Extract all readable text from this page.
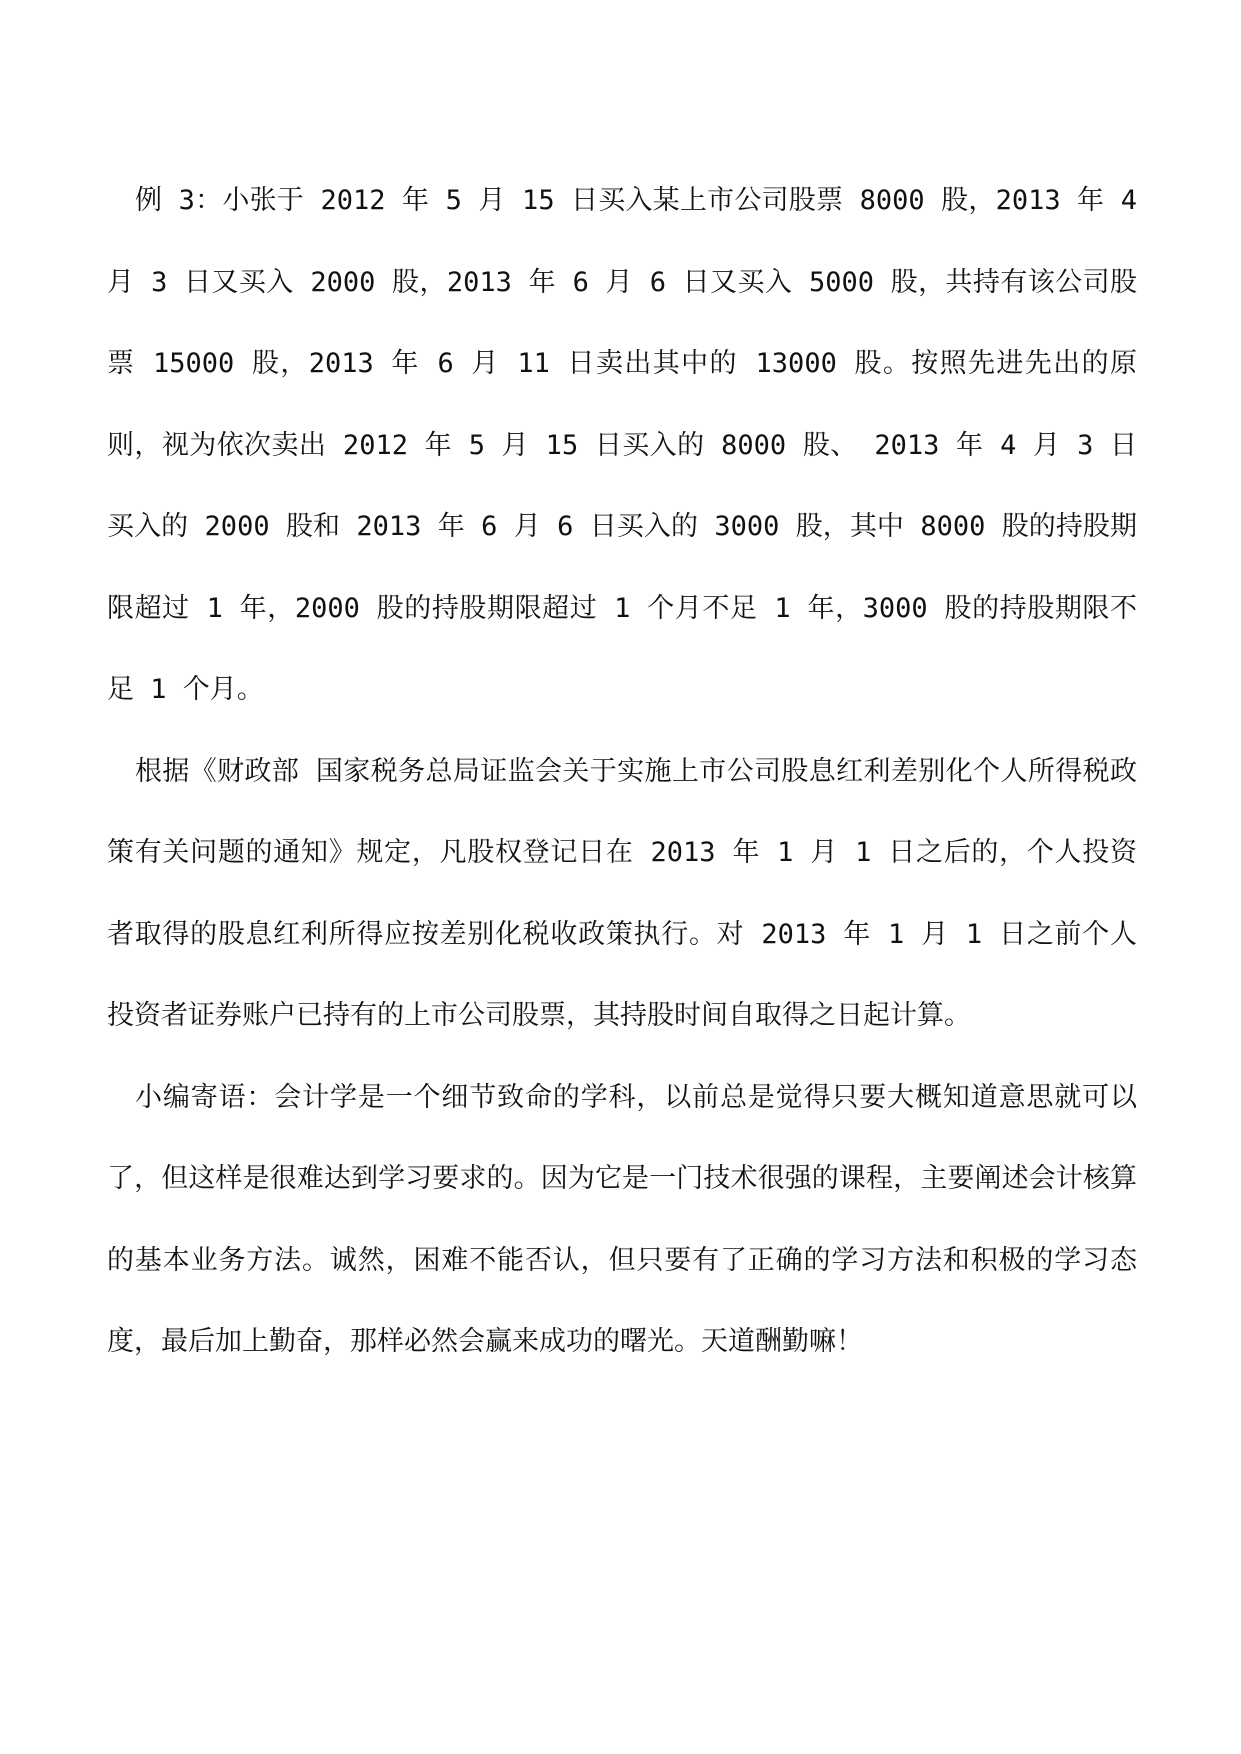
例 3：小张于 2012 年 5 月 15 日买入某上市公司股票 8000 股，2013 年 4 月 3 日又买入 2000 股，2013 年 6 月 6 日又买入 5000 股，共持有该公司股票 15000 股，2013 年 6 月 11 日卖出其中的 13000 股。按照先进先出的原则，视为依次卖出 2012 年 5 月 15 日买入的 8000 股、 2013 年 4 月 3 日买入的 2000 股和 2013 年 6 月 6 日买入的 3000 股，其中 8000 股的持股期限超过 1 年，2000 股的持股期限超过 1 个月不足 1 年，3000 股的持股期限不足 1 个月。

根据《财政部 国家税务总局证监会关于实施上市公司股息红利差别化个人所得税政策有关问题的通知》规定，凡股权登记日在 2013 年 1 月 1 日之后的，个人投资者取得的股息红利所得应按差别化税收政策执行。对 2013 年 1 月 1 日之前个人投资者证券账户已持有的上市公司股票，其持股时间自取得之日起计算。

小编寄语：会计学是一个细节致命的学科，以前总是觉得只要大概知道意思就可以了，但这样是很难达到学习要求的。因为它是一门技术很强的课程，主要阐述会计核算的基本业务方法。诚然，困难不能否认，但只要有了正确的学习方法和积极的学习态度，最后加上勤奋，那样必然会赢来成功的曙光。天道酬勤嘛！
